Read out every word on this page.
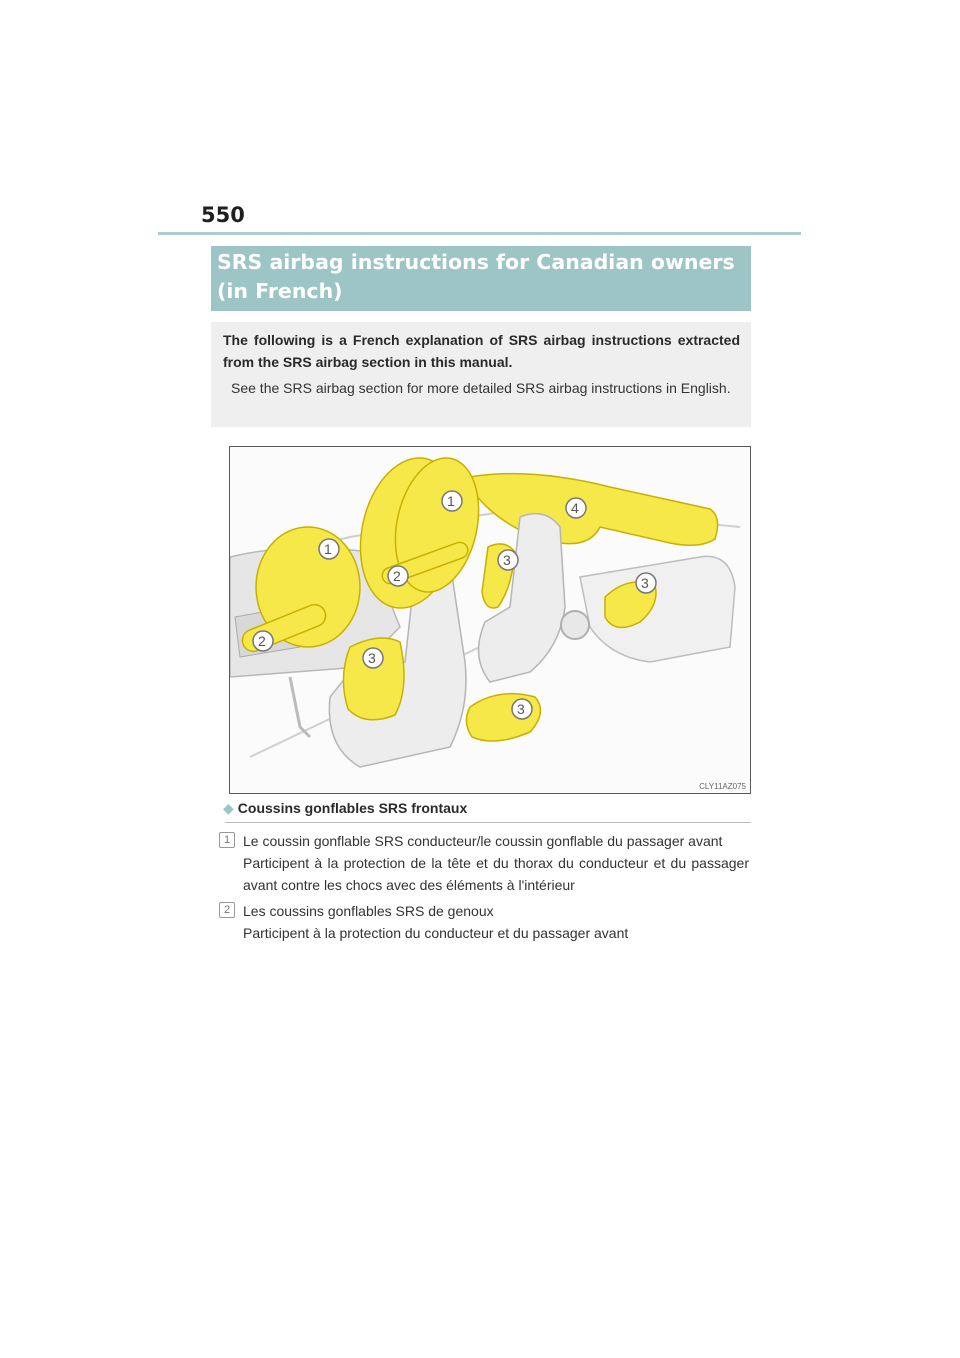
550
SRS airbag instructions for Canadian owners (in French)
The following is a French explanation of SRS airbag instructions extracted from the SRS airbag section in this manual.
See the SRS airbag section for more detailed SRS airbag instructions in English.
1
1
2
2
3
3
3
3
4
CLY11AZ075
◆ Coussins gonflables SRS frontaux
1 Le coussin gonflable SRS conducteur/le coussin gonflable du passager avant
Participent à la protection de la tête et du thorax du conducteur et du passager avant contre les chocs avec des éléments à l'intérieur
2 Les coussins gonflables SRS de genoux
Participent à la protection du conducteur et du passager avant
